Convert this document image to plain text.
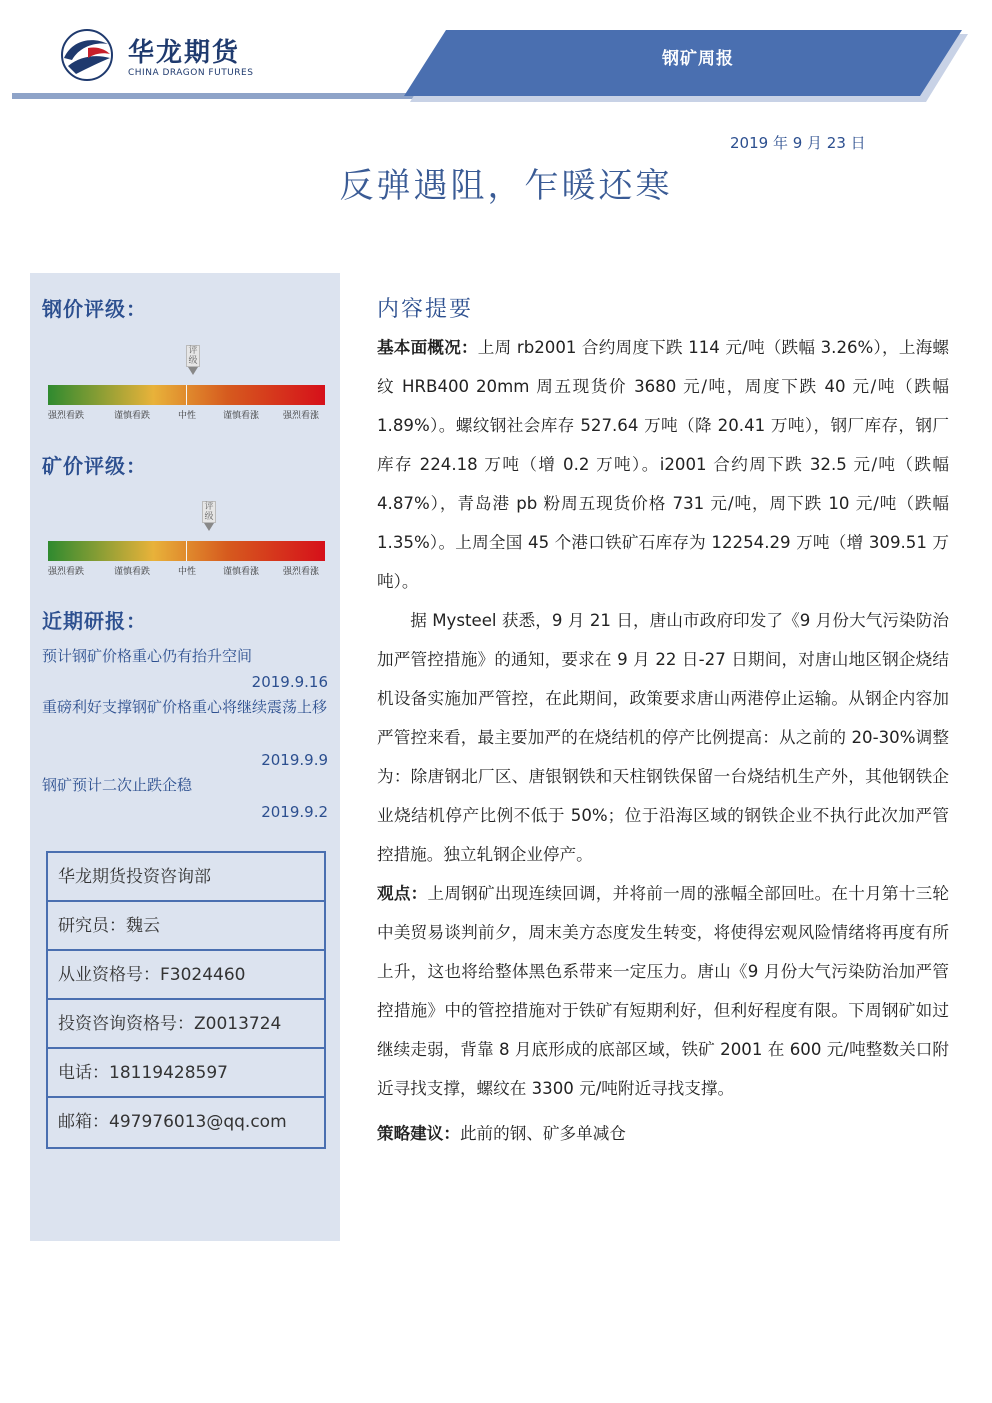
华龙期货
CHINA DRAGON FUTURES
钢矿周报
2019 年 9 月 23 日
反弹遇阻，乍暖还寒
钢价评级：
评级
强烈看跌	谨慎看跌	中性	谨慎看涨	强烈看涨
矿价评级：
评级
强烈看跌	谨慎看跌	中性	谨慎看涨	强烈看涨
近期研报：
预计钢矿价格重心仍有抬升空间
2019.9.16
重磅利好支撑钢矿价格重心将继续震荡上移
2019.9.9
钢矿预计二次止跌企稳
2019.9.2
华龙期货投资咨询部
研究员：魏云
从业资格号：F3024460
投资咨询资格号：Z0013724
电话：18119428597
邮箱：497976013@qq.com
内容提要

基本面概况：上周 rb2001 合约周度下跌 114 元/吨（跌幅 3.26%），上海螺纹 HRB400 20mm 周五现货价 3680 元/吨，周度下跌 40 元/吨（跌幅 1.89%）。螺纹钢社会库存 527.64 万吨（降 20.41 万吨），钢厂库存，钢厂库存 224.18 万吨（增 0.2 万吨）。i2001 合约周下跌 32.5 元/吨（跌幅 4.87%），青岛港 pb 粉周五现货价格 731 元/吨，周下跌 10 元/吨（跌幅 1.35%）。上周全国 45 个港口铁矿石库存为 12254.29 万吨（增 309.51 万吨）。

据 Mysteel 获悉，9 月 21 日，唐山市政府印发了《9 月份大气污染防治加严管控措施》的通知，要求在 9 月 22 日-27 日期间，对唐山地区钢企烧结机设备实施加严管控，在此期间，政策要求唐山两港停止运输。从钢企内容加严管控来看，最主要加严的在烧结机的停产比例提高：从之前的 20-30%调整为：除唐钢北厂区、唐银钢铁和天柱钢铁保留一台烧结机生产外，其他钢铁企业烧结机停产比例不低于 50%；位于沿海区域的钢铁企业不执行此次加严管控措施。独立轧钢企业停产。

观点：上周钢矿出现连续回调，并将前一周的涨幅全部回吐。在十月第十三轮中美贸易谈判前夕，周末美方态度发生转变，将使得宏观风险情绪将再度有所上升，这也将给整体黑色系带来一定压力。唐山《9 月份大气污染防治加严管控措施》中的管控措施对于铁矿有短期利好，但利好程度有限。下周钢矿如过继续走弱，背靠 8 月底形成的底部区域，铁矿 2001 在 600 元/吨整数关口附近寻找支撑，螺纹在 3300 元/吨附近寻找支撑。

策略建议：此前的钢、矿多单减仓
